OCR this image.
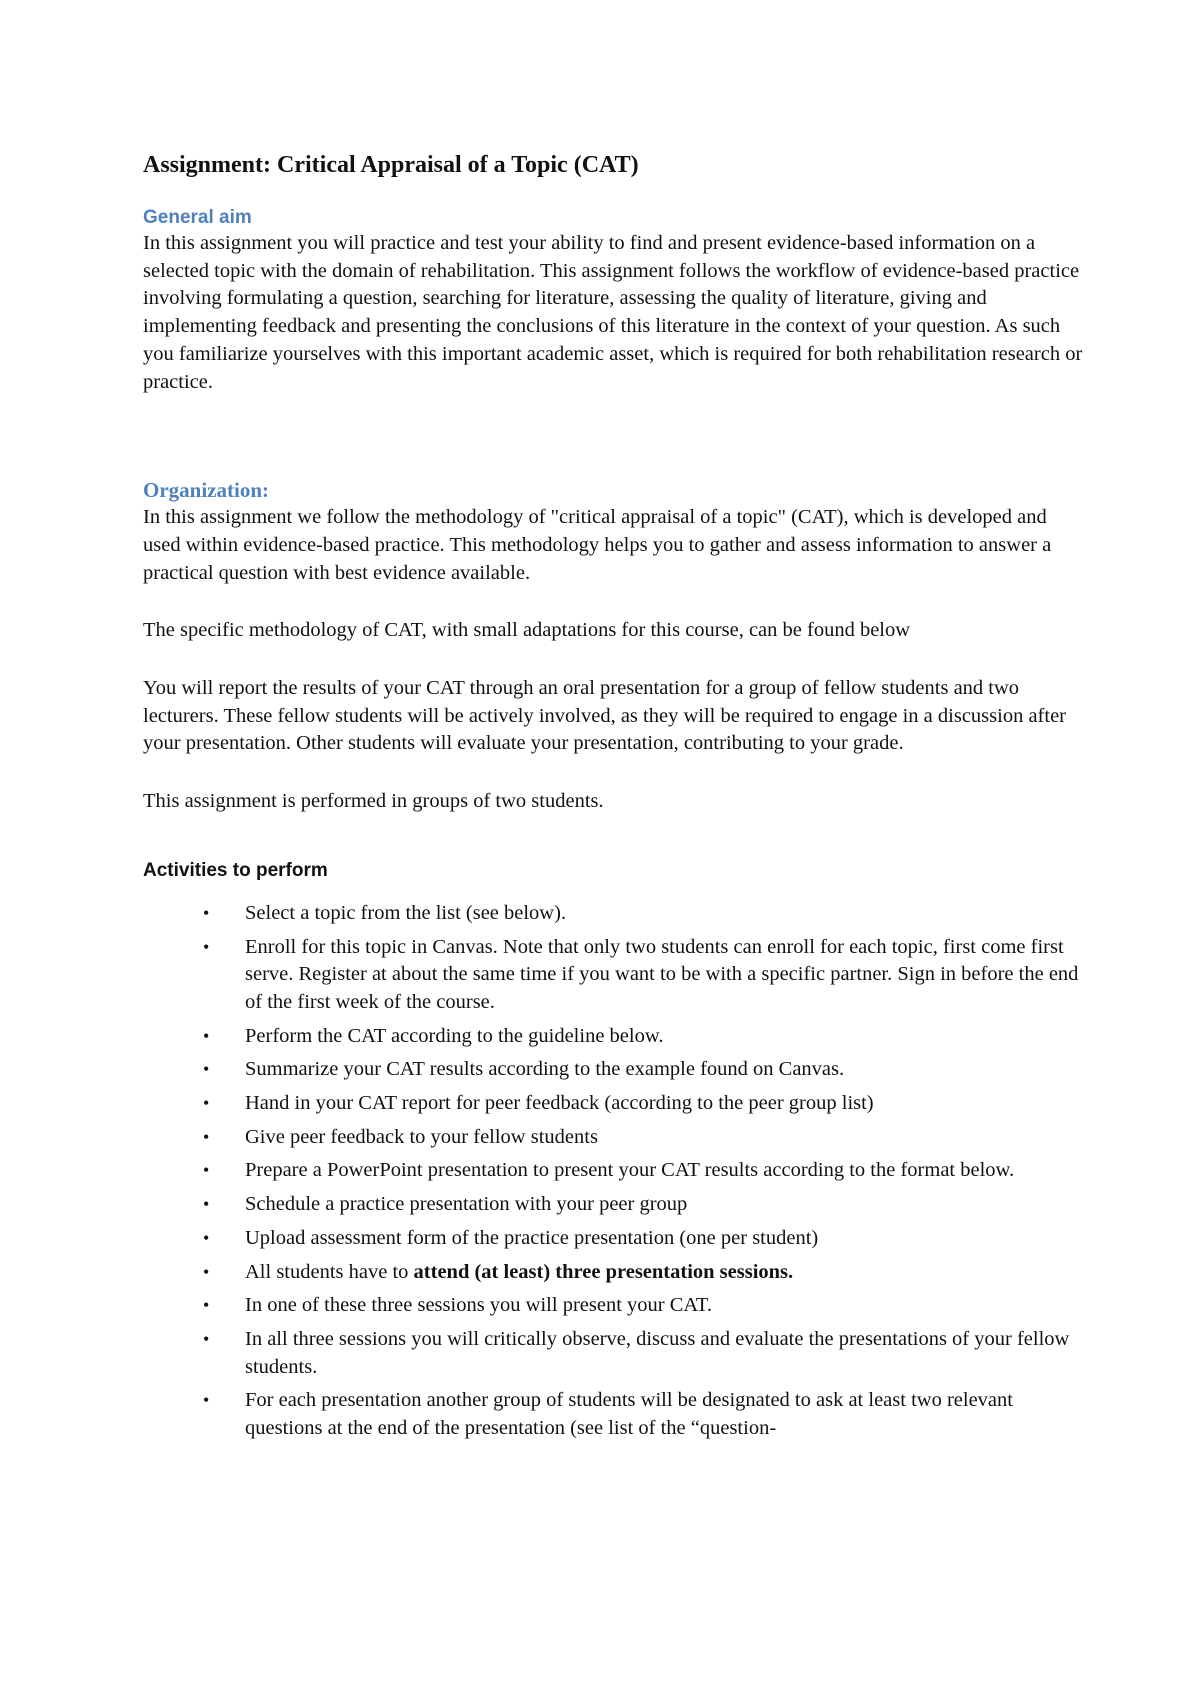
Assignment: Critical Appraisal of a Topic (CAT)
General aim

In this assignment you will practice and test your ability to find and present evidence-based information on a selected topic with the domain of rehabilitation. This assignment follows the workflow of evidence-based practice involving formulating a question, searching for literature, assessing the quality of literature, giving and implementing feedback and presenting the conclusions of this literature in the context of your question. As such you familiarize yourselves with this important academic asset, which is required for both rehabilitation research or practice.

Organization:

In this assignment we follow the methodology of "critical appraisal of a topic" (CAT), which is developed and used within evidence-based practice. This methodology helps you to gather and assess information to answer a practical question with best evidence available.

The specific methodology of CAT, with small adaptations for this course, can be found below

You will report the results of your CAT through an oral presentation for a group of fellow students and two lecturers. These fellow students will be actively involved, as they will be required to engage in a discussion after your presentation. Other students will evaluate your presentation, contributing to your grade.

This assignment is performed in groups of two students.

Activities to perform
• Select a topic from the list (see below).
• Enroll for this topic in Canvas. Note that only two students can enroll for each topic, first come first serve. Register at about the same time if you want to be with a specific partner. Sign in before the end of the first week of the course.
• Perform the CAT according to the guideline below.
• Summarize your CAT results according to the example found on Canvas.
• Hand in your CAT report for peer feedback (according to the peer group list)
• Give peer feedback to your fellow students
• Prepare a PowerPoint presentation to present your CAT results according to the format below.
• Schedule a practice presentation with your peer group
• Upload assessment form of the practice presentation (one per student)
• All students have to attend (at least) three presentation sessions.
• In one of these three sessions you will present your CAT.
• In all three sessions you will critically observe, discuss and evaluate the presentations of your fellow students.
• For each presentation another group of students will be designated to ask at least two relevant questions at the end of the presentation (see list of the “question-
